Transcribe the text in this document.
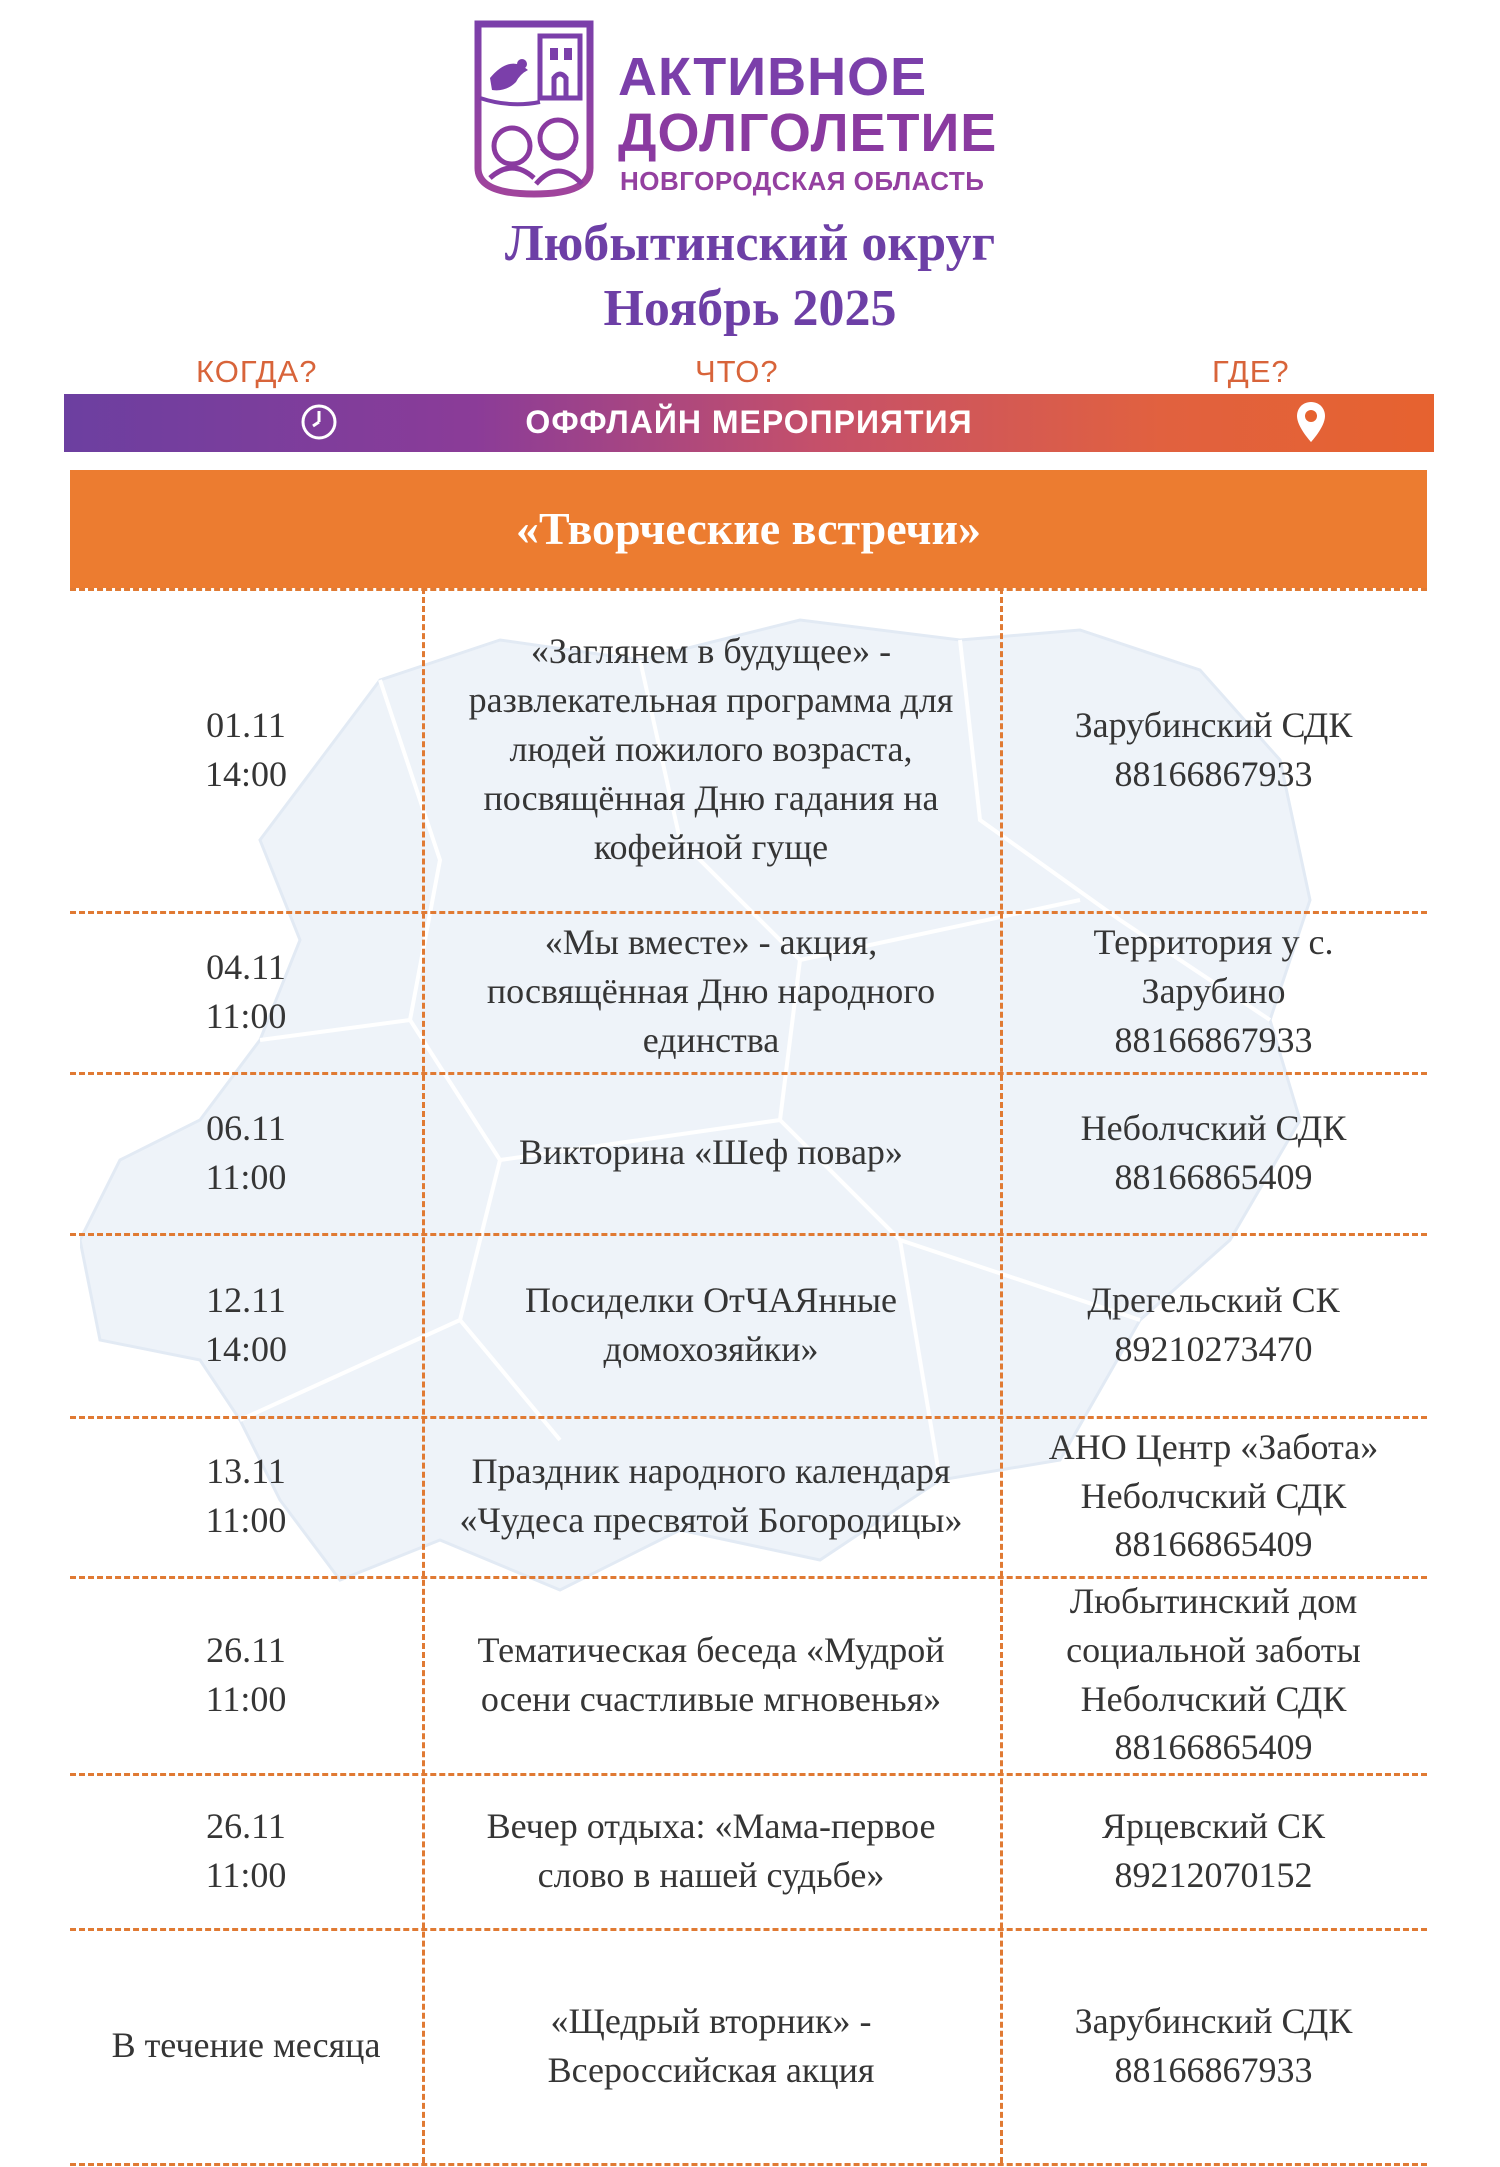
АКТИВНОЕ
ДОЛГОЛЕТИЕ
НОВГОРОДСКАЯ ОБЛАСТЬ
Любытинский округ
Ноябрь 2025
КОГДА?	ЧТО?	ГДЕ?
ОФФЛАЙН МЕРОПРИЯТИЯ
«Творческие встречи»
01.11
14:00
«Заглянем в будущее» -
развлекательная программа для
людей пожилого возраста,
посвящённая Дню гадания на
кофейной гуще
Зарубинский СДК
88166867933
04.11
11:00
«Мы вместе» - акция,
посвящённая Дню народного
единства
Территория у с.
Зарубино
88166867933
06.11
11:00
Викторина «Шеф повар»
Неболчский СДК
88166865409
12.11
14:00
Посиделки ОтЧАЯнные
домохозяйки»
Дрегельский СК
89210273470
13.11
11:00
Праздник народного календаря
«Чудеса пресвятой Богородицы»
АНО Центр «Забота»
Неболчский СДК
88166865409
26.11
11:00
Тематическая беседа «Мудрой
осени счастливые мгновенья»
Любытинский дом
социальной заботы
Неболчский СДК
88166865409
26.11
11:00
Вечер отдыха: «Мама-первое
слово в нашей судьбе»
Ярцевский СК
89212070152
В течение месяца
«Щедрый вторник» -
Всероссийская акция
Зарубинский СДК
88166867933
